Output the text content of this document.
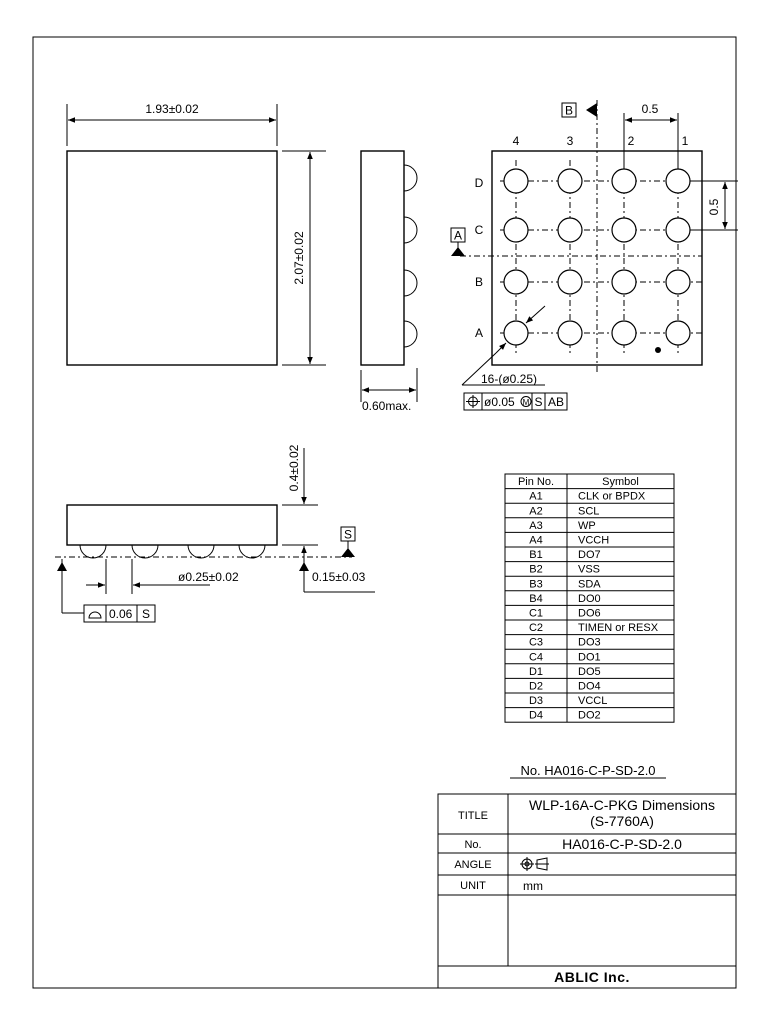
1.93±0.02
2.07±0.02
0.60max.
B
A
4	3	2	1
D
C
B
A
0.5
0.5
16-(ø0.25)
ø0.05 M S AB
0.4±0.02
S
0.15±0.03
ø0.25±0.02
0.06 S
Pin No.	Symbol
A1	CLK or BPDX
A2	SCL
A3	WP
A4	VCCH
B1	DO7
B2	VSS
B3	SDA
B4	DO0
C1	DO6
C2	TIMEN or RESX
C3	DO3
C4	DO1
D1	DO5
D2	DO4
D3	VCCL
D4	DO2
No. HA016-C-P-SD-2.0
TITLE
WLP-16A-C-PKG Dimensions
(S-7760A)
No.	HA016-C-P-SD-2.0
ANGLE
UNIT	mm
ABLIC Inc.
